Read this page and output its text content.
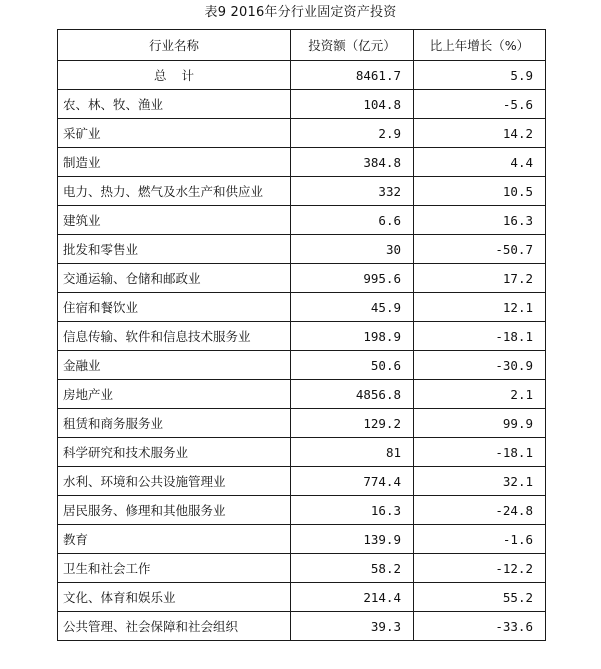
表9 2016年分行业固定资产投资
行业名称	投资额（亿元）	比上年增长（%）
总计	8461.7	5.9
农、林、牧、渔业	104.8	-5.6
采矿业	2.9	14.2
制造业	384.8	4.4
电力、热力、燃气及水生产和供应业	332	10.5
建筑业	6.6	16.3
批发和零售业	30	-50.7
交通运输、仓储和邮政业	995.6	17.2
住宿和餐饮业	45.9	12.1
信息传输、软件和信息技术服务业	198.9	-18.1
金融业	50.6	-30.9
房地产业	4856.8	2.1
租赁和商务服务业	129.2	99.9
科学研究和技术服务业	81	-18.1
水利、环境和公共设施管理业	774.4	32.1
居民服务、修理和其他服务业	16.3	-24.8
教育	139.9	-1.6
卫生和社会工作	58.2	-12.2
文化、体育和娱乐业	214.4	55.2
公共管理、社会保障和社会组织	39.3	-33.6
